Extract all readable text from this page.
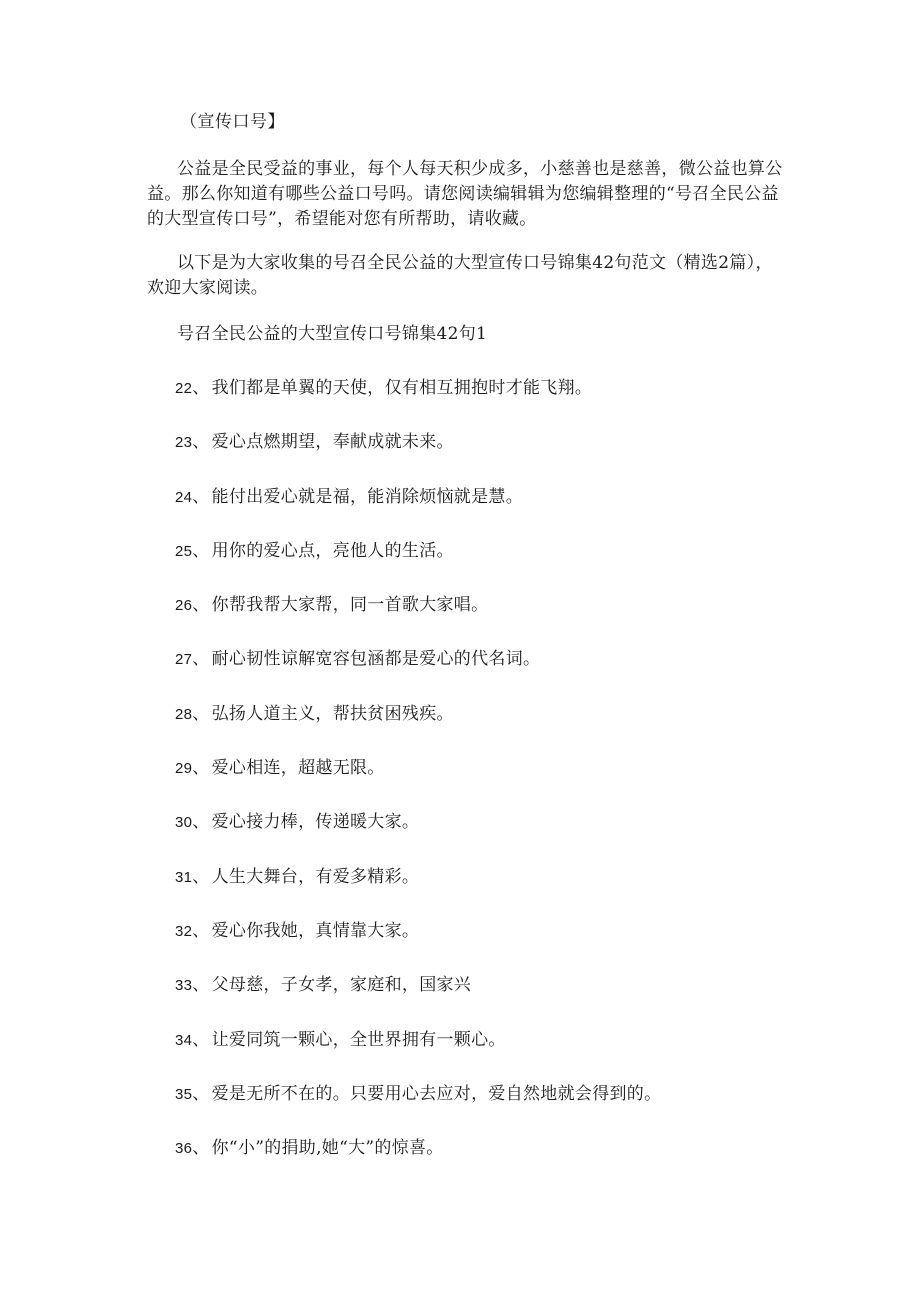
（宣传口号】

公益是全民受益的事业，每个人每天积少成多，小慈善也是慈善，微公益也算公益。那么你知道有哪些公益口号吗。请您阅读编辑辑为您编辑整理的“号召全民公益的大型宣传口号”，希望能对您有所帮助，请收藏。

以下是为大家收集的号召全民公益的大型宣传口号锦集42句范文（精选2篇），欢迎大家阅读。

号召全民公益的大型宣传口号锦集42句1
22、 我们都是单翼的天使，仅有相互拥抱时才能飞翔。
23、 爱心点燃期望，奉献成就未来。
24、 能付出爱心就是福，能消除烦恼就是慧。
25、 用你的爱心点，亮他人的生活。
26、 你帮我帮大家帮，同一首歌大家唱。
27、 耐心韧性谅解宽容包涵都是爱心的代名词。
28、 弘扬人道主义，帮扶贫困残疾。
29、 爱心相连，超越无限。
30、 爱心接力棒，传递暖大家。
31、 人生大舞台，有爱多精彩。
32、 爱心你我她，真情靠大家。
33、 父母慈，子女孝，家庭和，国家兴
34、 让爱同筑一颗心，全世界拥有一颗心。
35、 爱是无所不在的。只要用心去应对，爱自然地就会得到的。
36、 你“小”的捐助,她“大”的惊喜。
